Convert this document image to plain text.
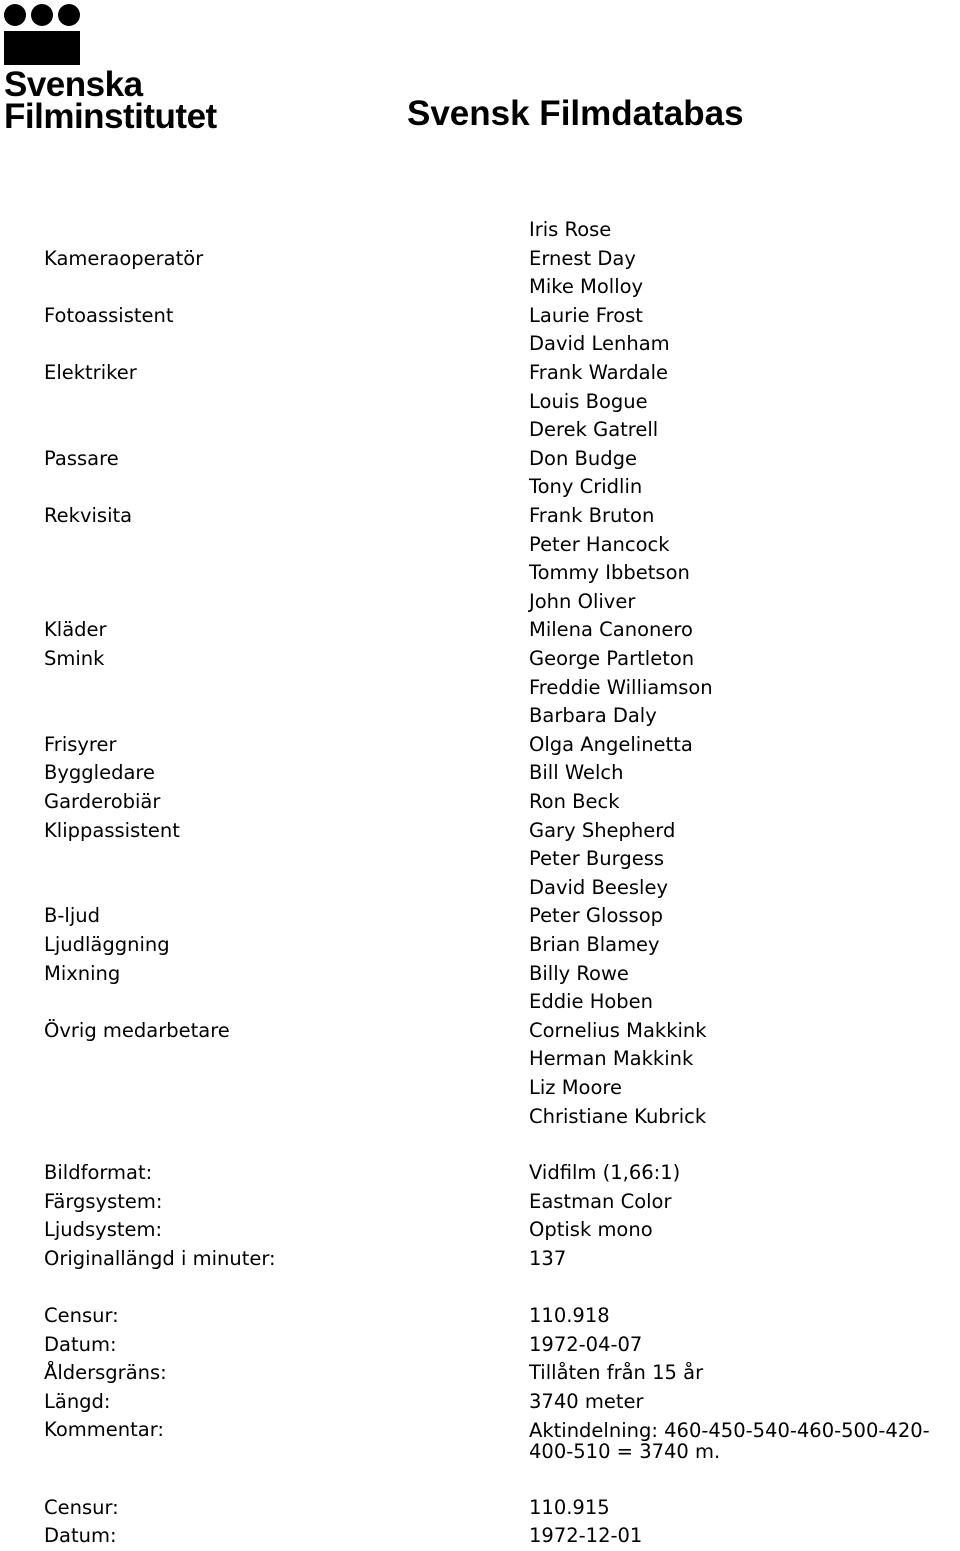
Svenska
Filminstitutet	Svensk Filmdatabas
Iris Rose
Kameraoperatör	Ernest Day
Mike Molloy
Fotoassistent	Laurie Frost
David Lenham
Elektriker	Frank Wardale
Louis Bogue
Derek Gatrell
Passare	Don Budge
Tony Cridlin
Rekvisita	Frank Bruton
Peter Hancock
Tommy Ibbetson
John Oliver
Kläder	Milena Canonero
Smink	George Partleton
Freddie Williamson
Barbara Daly
Frisyrer	Olga Angelinetta
Byggledare	Bill Welch
Garderobiär	Ron Beck
Klippassistent	Gary Shepherd
Peter Burgess
David Beesley
B-ljud	Peter Glossop
Ljudläggning	Brian Blamey
Mixning	Billy Rowe
Eddie Hoben
Övrig medarbetare	Cornelius Makkink
Herman Makkink
Liz Moore
Christiane Kubrick
Bildformat:	Vidfilm (1,66:1)
Färgsystem:	Eastman Color
Ljudsystem:	Optisk mono
Originallängd i minuter:	137
Censur:	110.918
Datum:	1972-04-07
Åldersgräns:	Tillåten från 15 år
Längd:	3740 meter
Kommentar:	Aktindelning: 460-450-540-460-500-420-400-510 = 3740 m.
Censur:	110.915
Datum:	1972-12-01
